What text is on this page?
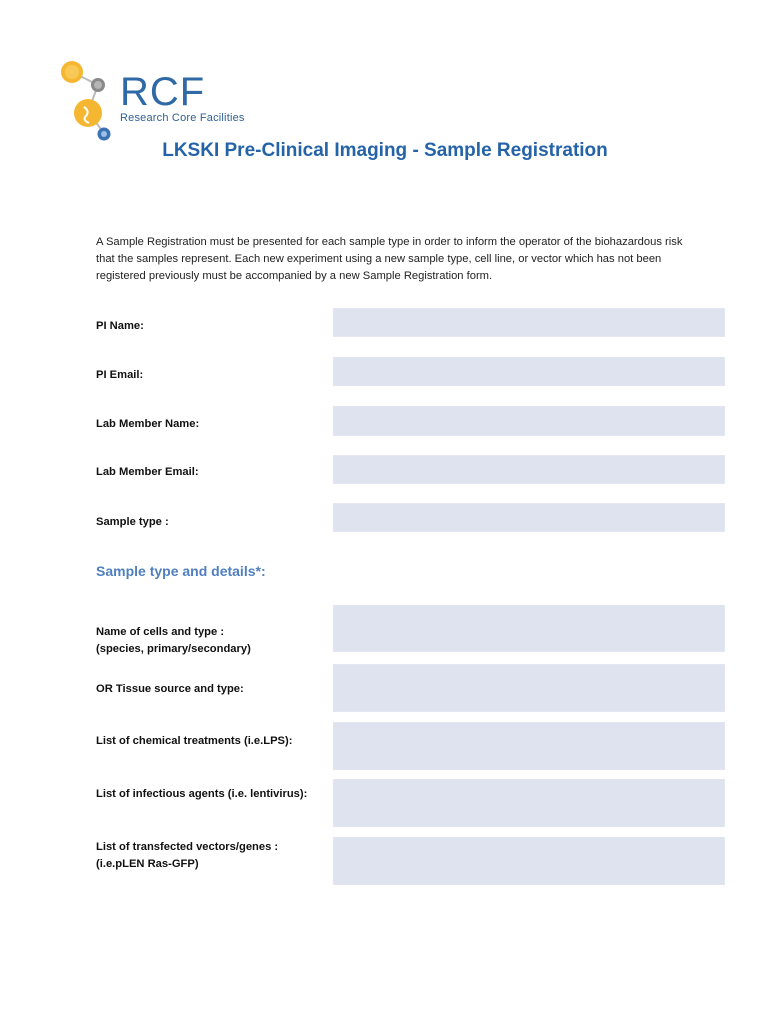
RCF
Research Core Facilities
LKSKI Pre-Clinical Imaging - Sample Registration
A Sample Registration must be presented for each sample type in order to inform the operator of the biohazardous risk that the samples represent. Each new experiment using a new sample type, cell line, or vector which has not been registered previously must be accompanied by a new Sample Registration form.
PI Name:
PI Email:
Lab Member Name:
Lab Member Email:
Sample type :
Sample type and details*:
Name of cells and type :
(species, primary/secondary)
OR Tissue source and type:
List of chemical treatments (i.e.LPS):
List of infectious agents (i.e. lentivirus):
List of transfected vectors/genes :
(i.e.pLEN Ras-GFP)
